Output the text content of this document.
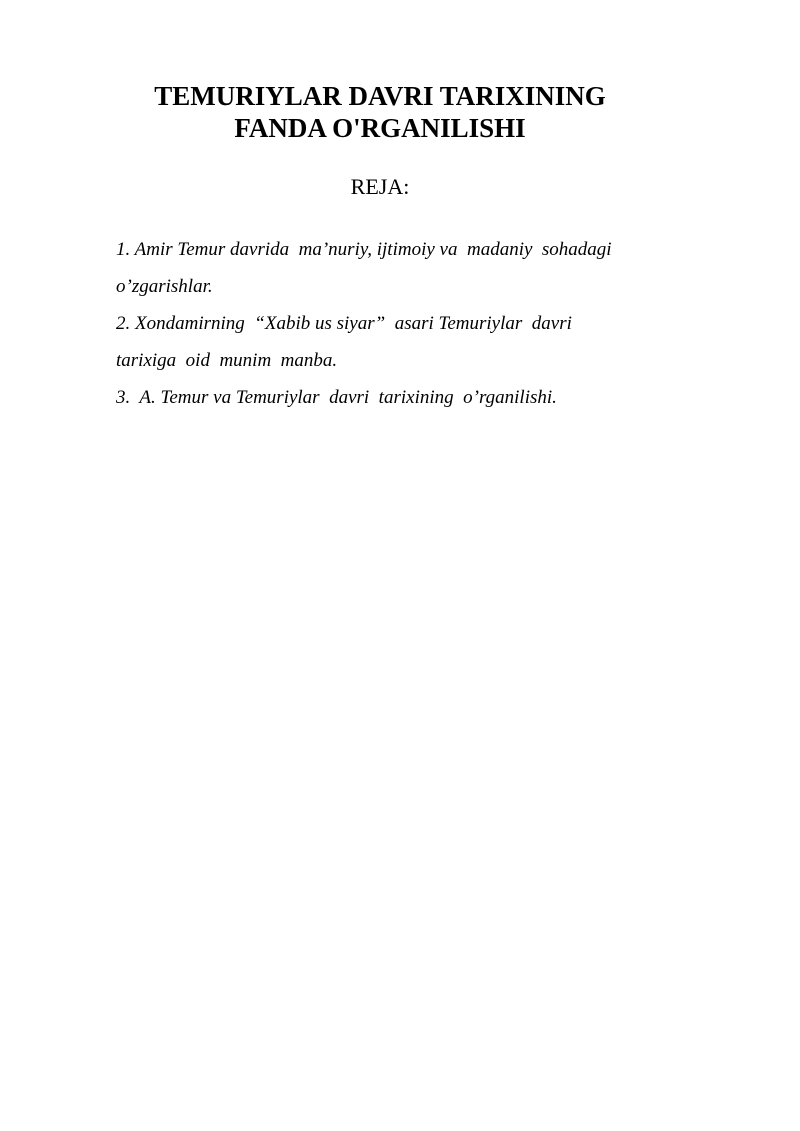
TEMURIYLAR DAVRI TARIXINING
FANDA O'RGANILISHI
REJA:
1. Amir Temur davrida  ma’nuriy, ijtimoiy va  madaniy  sohadagi
o’zgarishlar.
2. Xondamirning  “Xabib us siyar”  asari Temuriylar  davri
tarixiga  oid  munim  manba.
3.  A. Temur va Temuriylar  davri  tarixining  o’rganilishi.
